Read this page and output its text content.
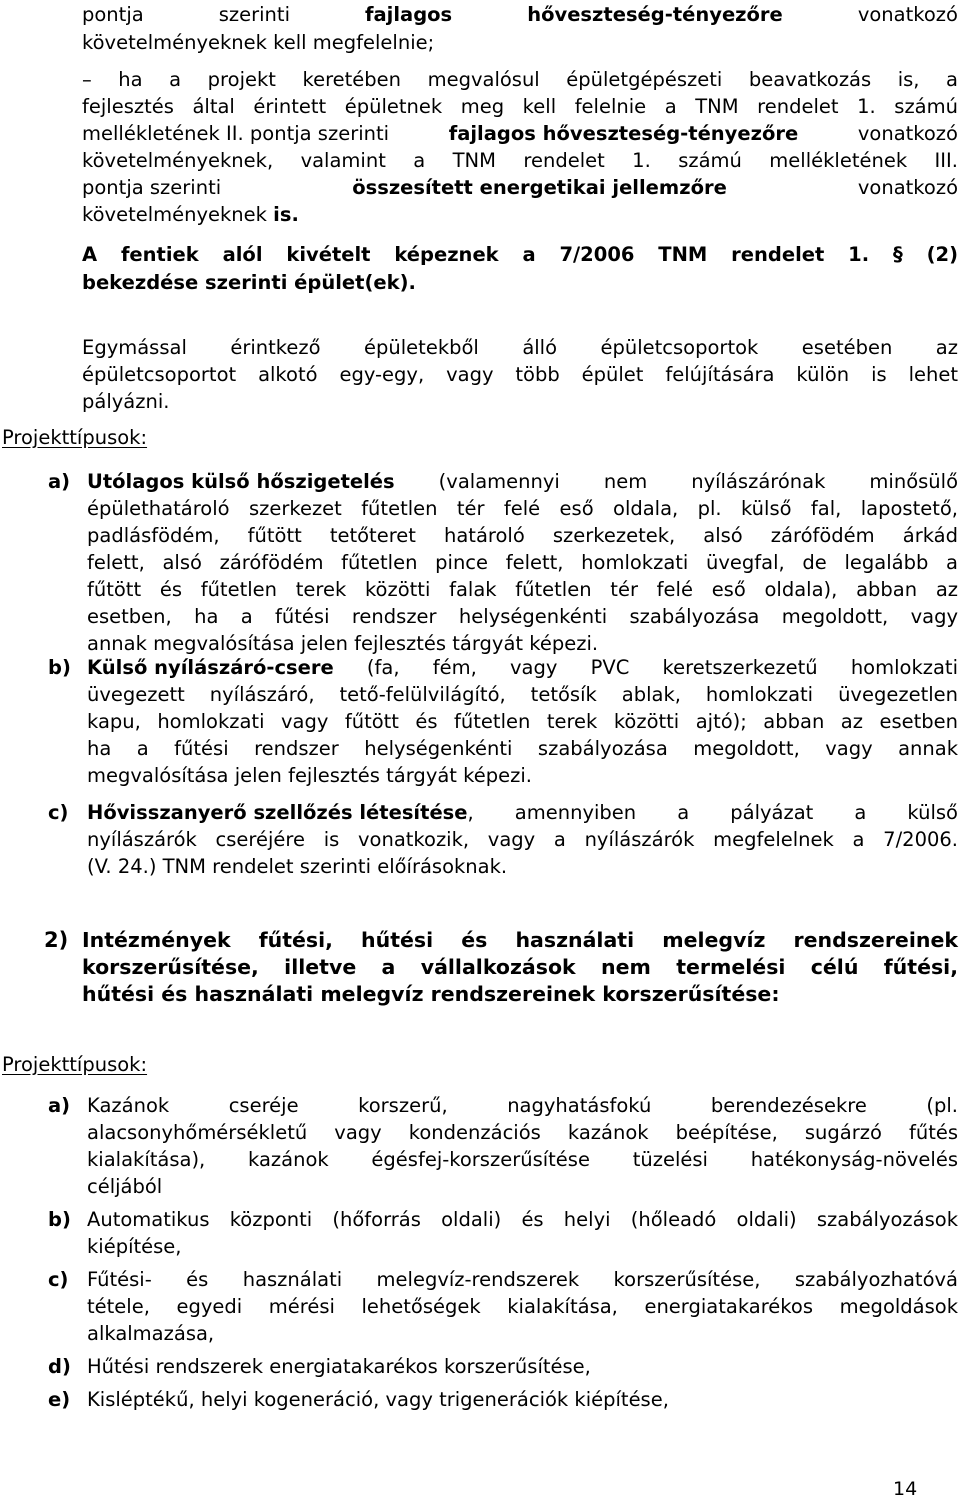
pontja	szerinti	fajlagos	hőveszteség-tényezőre	vonatkozó
követelményeknek kell megfelelnie;
– ha a projekt keretében megvalósul épületgépészeti beavatkozás is, a
fejlesztés által érintett épületnek meg kell felelnie a TNM rendelet 1. számú
mellékletének II. pontja szerinti	fajlagos hőveszteség-tényezőre	vonatkozó
követelményeknek, valamint a TNM rendelet 1. számú mellékletének III.
pontja szerinti	összesített energetikai jellemzőre	vonatkozó
követelményeknek is.
A fentiek alól kivételt képeznek a 7/2006 TNM rendelet 1. § (2)
bekezdése szerinti épület(ek).
Egymással érintkező épületekből álló épületcsoportok esetében az
épületcsoportot alkotó egy-egy, vagy több épület felújítására külön is lehet
pályázni.
Projekttípusok:
a) Utólagos külső hőszigetelés (valamennyi nem nyílászárónak minősülő
épülethatároló szerkezet fűtetlen tér felé eső oldala, pl. külső fal, lapostető,
padlásfödém, fűtött tetőteret határoló szerkezetek, alsó zárófödém árkád
felett, alsó zárófödém fűtetlen pince felett, homlokzati üvegfal, de legalább a
fűtött és fűtetlen terek közötti falak fűtetlen tér felé eső oldala), abban az
esetben, ha a fűtési rendszer helységenkénti szabályozása megoldott, vagy
annak megvalósítása jelen fejlesztés tárgyát képezi.
b) Külső nyílászáró-csere (fa, fém, vagy PVC keretszerkezetű homlokzati
üvegezett nyílászáró, tető-felülvilágító, tetősík ablak, homlokzati üvegezetlen
kapu, homlokzati vagy fűtött és fűtetlen terek közötti ajtó); abban az esetben
ha a fűtési rendszer helységenkénti szabályozása megoldott, vagy annak
megvalósítása jelen fejlesztés tárgyát képezi.
c) Hővisszanyerő szellőzés létesítése , amennyiben a pályázat a külső
nyílászárók cseréjére is vonatkozik, vagy a nyílászárók megfelelnek a 7/2006.
(V. 24.) TNM rendelet szerinti előírásoknak.
2) Intézmények fűtési, hűtési és használati melegvíz rendszereinek
korszerűsítése, illetve a vállalkozások nem termelési célú fűtési,
hűtési és használati melegvíz rendszereinek korszerűsítése:
Projekttípusok:
a) Kazánok cseréje korszerű, nagyhatásfokú berendezésekre (pl.
alacsonyhőmérsékletű vagy kondenzációs kazánok beépítése, sugárzó fűtés
kialakítása), kazánok égésfej-korszerűsítése tüzelési hatékonyság-növelés
céljából
b) Automatikus központi (hőforrás oldali) és helyi (hőleadó oldali) szabályozások
kiépítése,
c) Fűtési- és használati melegvíz-rendszerek korszerűsítése, szabályozhatóvá
tétele, egyedi mérési lehetőségek kialakítása, energiatakarékos megoldások
alkalmazása,
d) Hűtési rendszerek energiatakarékos korszerűsítése,
e) Kisléptékű, helyi kogeneráció, vagy trigenerációk kiépítése,
14
